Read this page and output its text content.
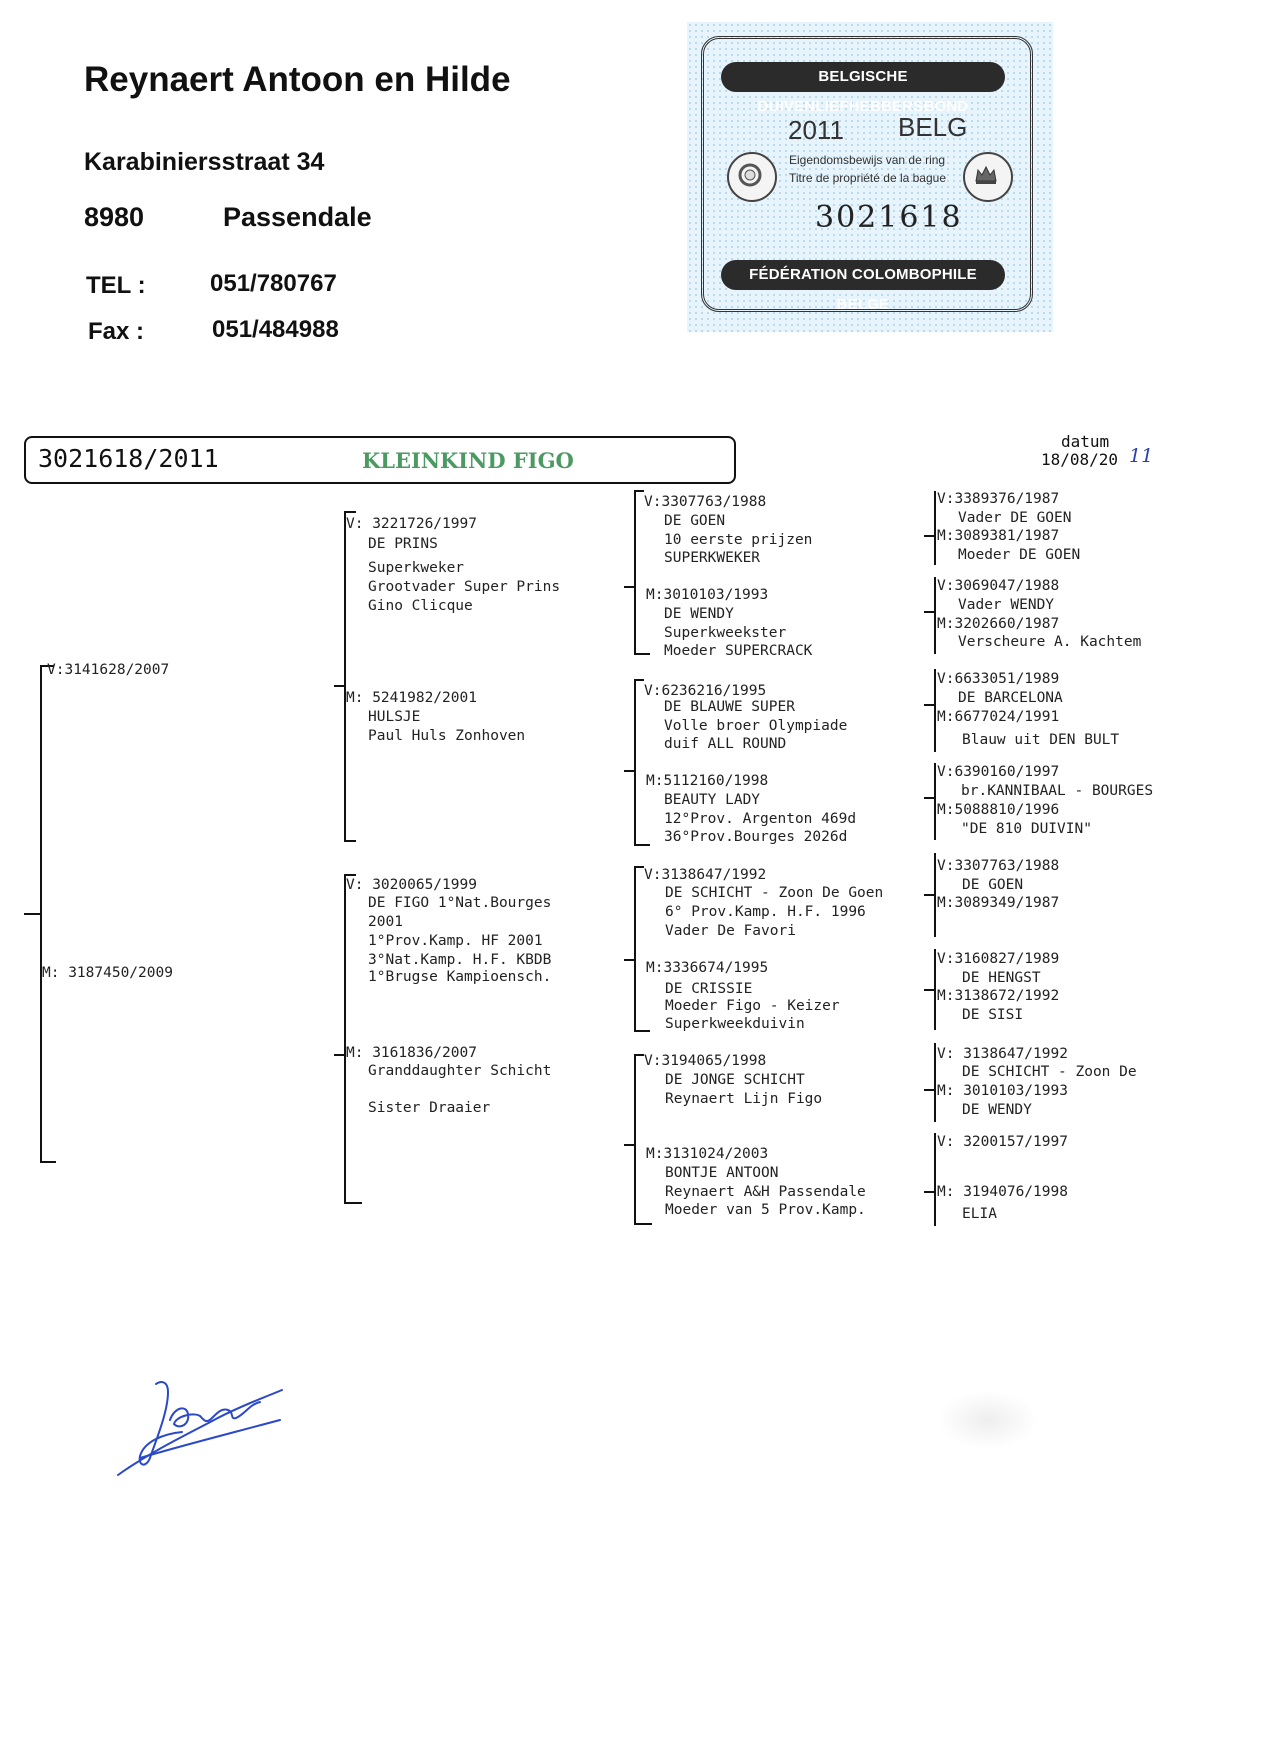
Reynaert Antoon en Hilde
Karabiniersstraat 34
8980	Passendale
TEL :	051/780767
Fax :	051/484988
BELGISCHE DUIVENLIEFHEBBERSBOND
2011 BELG
Eigendomsbewijs van de ring
Titre de propriété de la bague
3021618
FÉDÉRATION COLOMBOPHILE BELGE
3021618/2011	KLEINKIND FIGO
datum
18/08/20 11
V:3141628/2007
M: 3187450/2009
V: 3221726/1997
DE PRINS
Superkweker
Grootvader Super Prins
Gino Clicque
M: 5241982/2001
HULSJE
Paul Huls Zonhoven
V: 3020065/1999
DE FIGO 1°Nat.Bourges
2001
1°Prov.Kamp. HF 2001
3°Nat.Kamp. H.F. KBDB
1°Brugse Kampioensch.
M: 3161836/2007
Granddaughter Schicht
Sister Draaier
V:3307763/1988
DE GOEN
10 eerste prijzen
SUPERKWEKER
M:3010103/1993
DE WENDY
Superkweekster
Moeder SUPERCRACK
V:6236216/1995
DE BLAUWE SUPER
Volle broer Olympiade
duif ALL ROUND
M:5112160/1998
BEAUTY LADY
12°Prov. Argenton 469d
36°Prov.Bourges 2026d
V:3138647/1992
DE SCHICHT - Zoon De Goen
6° Prov.Kamp. H.F. 1996
Vader De Favori
M:3336674/1995
DE CRISSIE
Moeder Figo - Keizer
Superkweekduivin
V:3194065/1998
DE JONGE SCHICHT
Reynaert Lijn Figo
M:3131024/2003
BONTJE ANTOON
Reynaert A&H Passendale
Moeder van 5 Prov.Kamp.
V:3389376/1987
Vader DE GOEN
M:3089381/1987
Moeder DE GOEN
V:3069047/1988
Vader WENDY
M:3202660/1987
Verscheure A. Kachtem
V:6633051/1989
DE BARCELONA
M:6677024/1991
Blauw uit DEN BULT
V:6390160/1997
br.KANNIBAAL - BOURGES
M:5088810/1996
"DE 810 DUIVIN"
V:3307763/1988
DE GOEN
M:3089349/1987
V:3160827/1989
DE HENGST
M:3138672/1992
DE SISI
V: 3138647/1992
DE SCHICHT - Zoon De
M: 3010103/1993
DE WENDY
V: 3200157/1997
M: 3194076/1998
ELIA
